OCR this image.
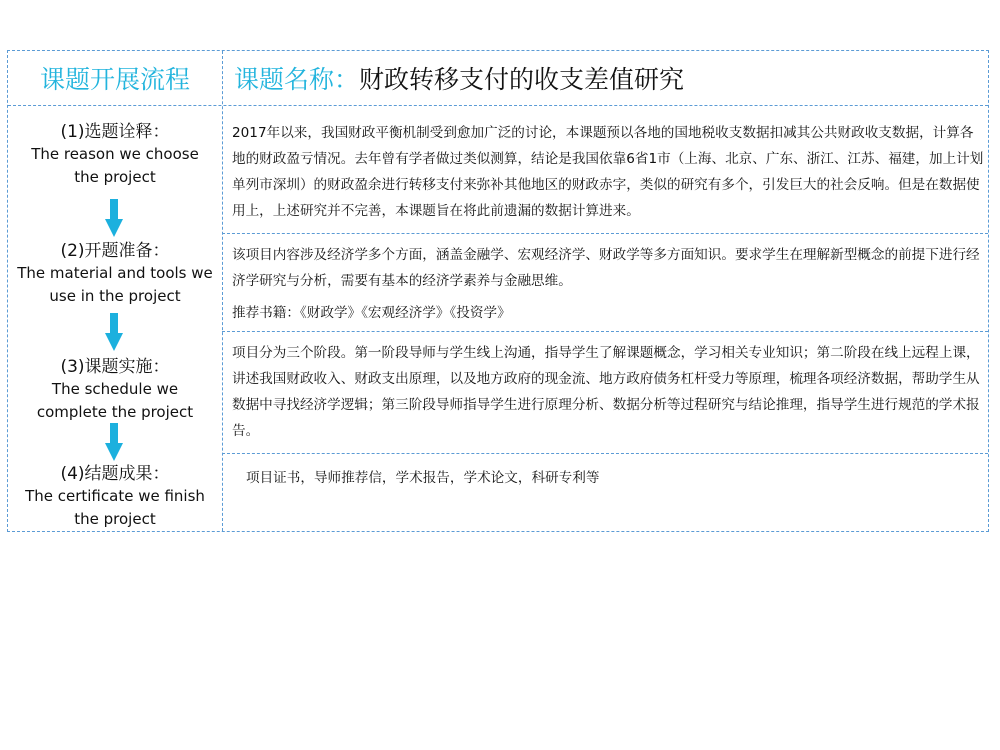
课题开展流程	课题名称： 财政转移支付的收支差值研究
(1)选题诠释：
The reason we choose
the project
(2)开题准备：
The material and tools we
use in the project
(3)课题实施：
The schedule we
complete the project
(4)结题成果：
The certificate we finish
the project
2017年以来，我国财政平衡机制受到愈加广泛的讨论，本课题预以各地的国地税收支数据扣减其公共财政收支数据，计算各地的财政盈亏情况。去年曾有学者做过类似测算，结论是我国依靠6省1市（上海、北京、广东、浙江、江苏、福建，加上计划单列市深圳）的财政盈余进行转移支付来弥补其他地区的财政赤字，类似的研究有多个，引发巨大的社会反响。但是在数据使用上，上述研究并不完善，本课题旨在将此前遗漏的数据计算进来。
该项目内容涉及经济学多个方面，涵盖金融学、宏观经济学、财政学等多方面知识。要求学生在理解新型概念的前提下进行经济学研究与分析，需要有基本的经济学素养与金融思维。
推荐书籍：《财政学》《宏观经济学》《投资学》
项目分为三个阶段。第一阶段导师与学生线上沟通，指导学生了解课题概念，学习相关专业知识；第二阶段在线上远程上课，讲述我国财政收入、财政支出原理，以及地方政府的现金流、地方政府债务杠杆受力等原理，梳理各项经济数据，帮助学生从数据中寻找经济学逻辑；第三阶段导师指导学生进行原理分析、数据分析等过程研究与结论推理，指导学生进行规范的学术报告。
项目证书，导师推荐信，学术报告，学术论文，科研专利等
